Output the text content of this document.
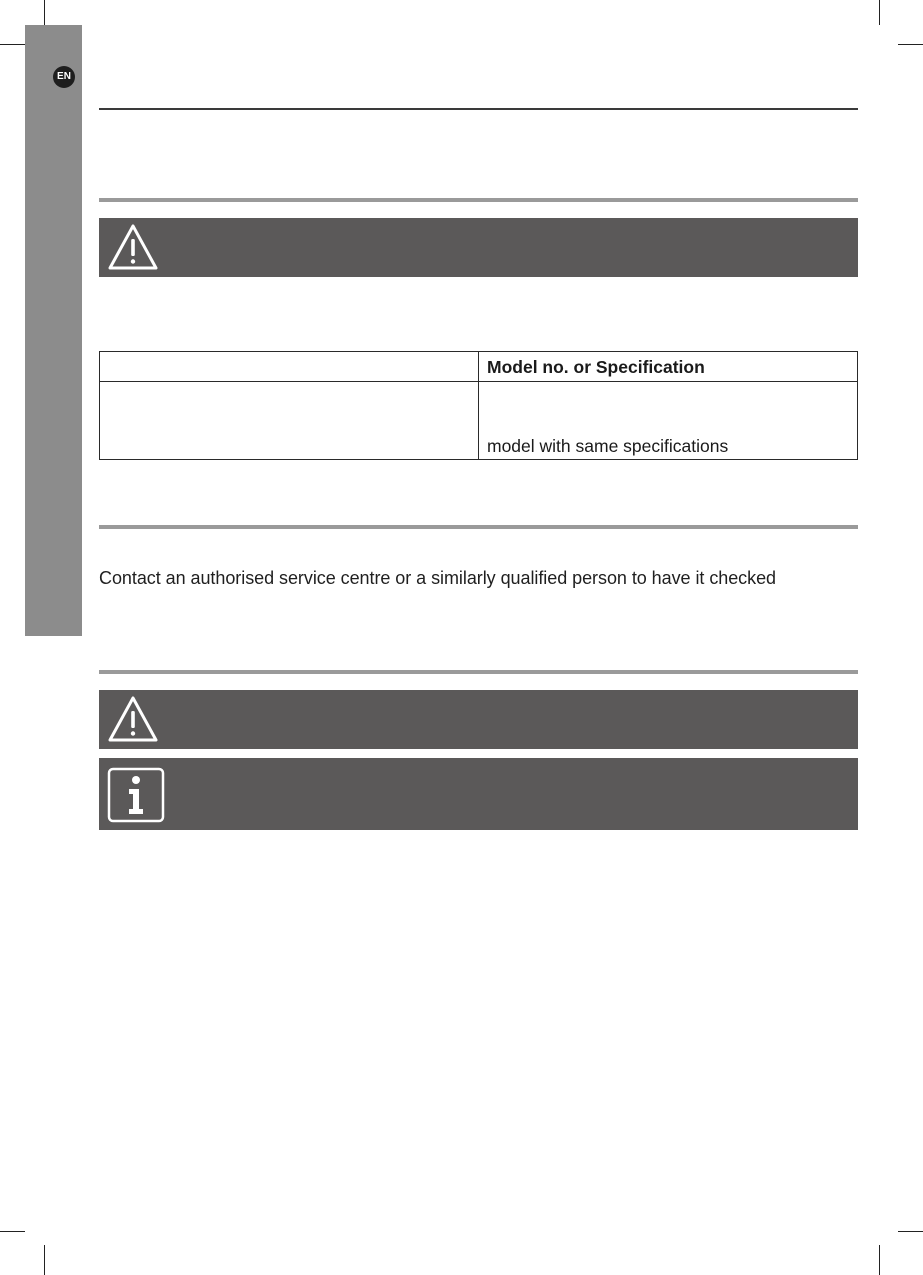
EN
Model no. or Specification
model with same specifications
Contact an authorised service centre or a similarly qualified person to have it checked
